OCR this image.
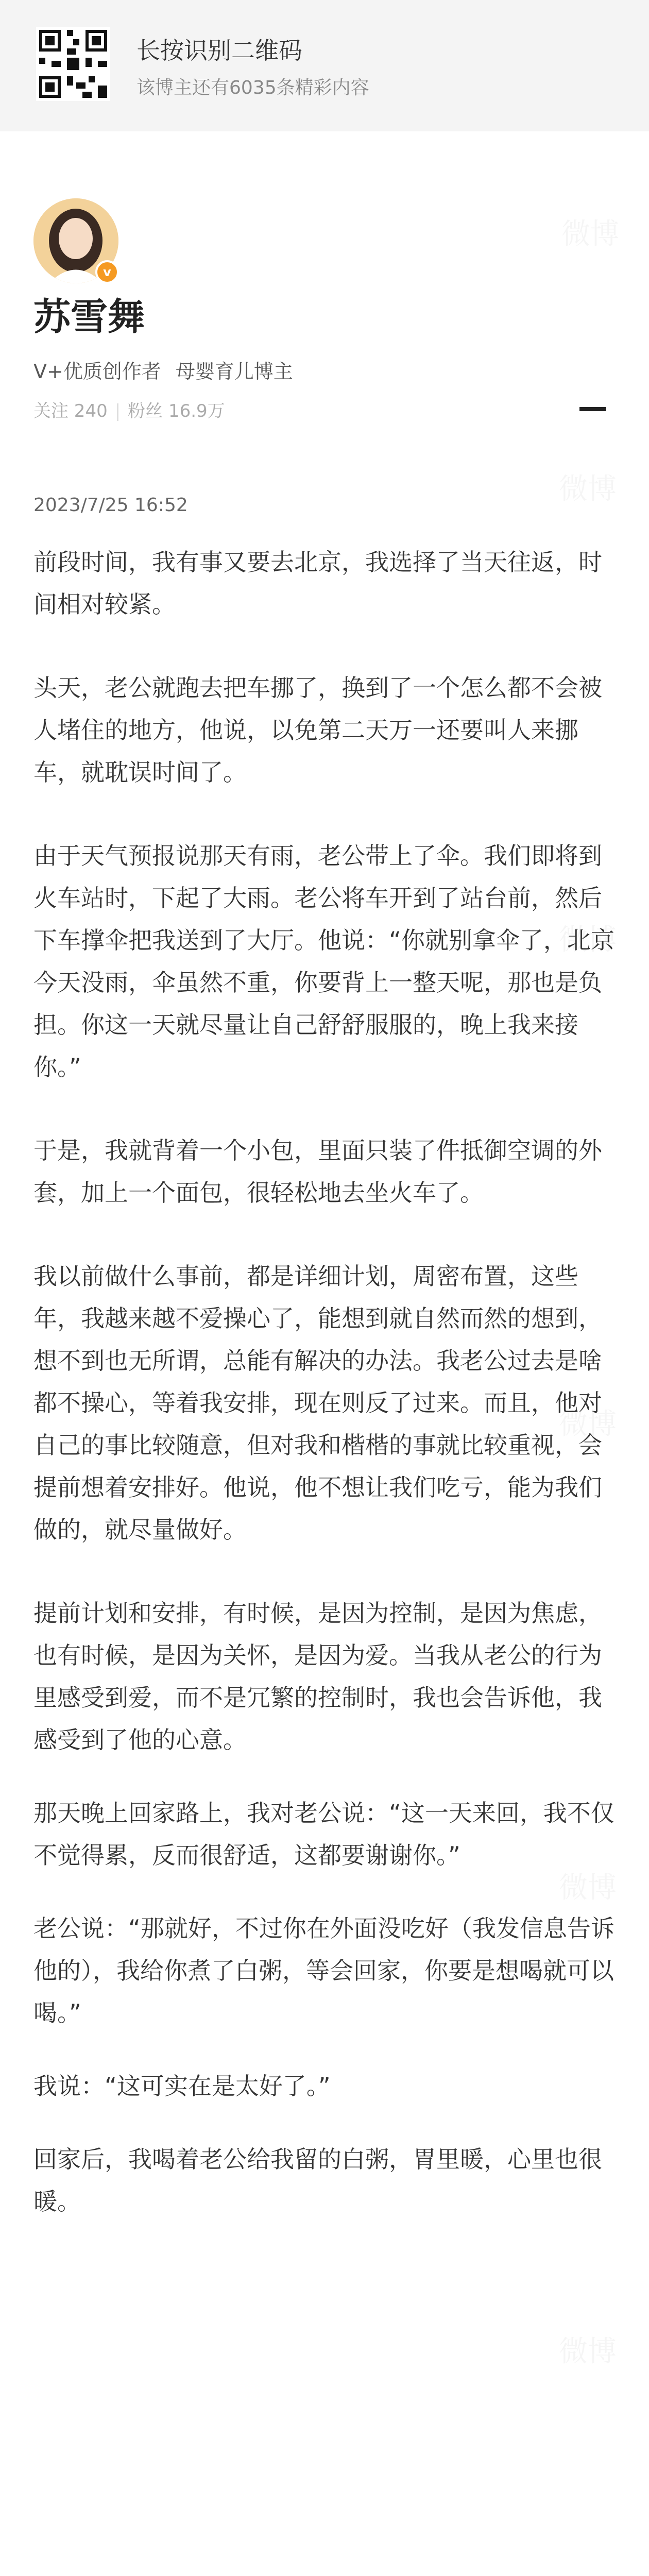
长按识别二维码
该博主还有6035条精彩内容
v
苏雪舞
V+优质创作者 母婴育儿博主
关注 240 | 粉丝 16.9万
2023/7/25 16:52

前段时间，我有事又要去北京，我选择了当天往返，时间相对较紧。

头天，老公就跑去把车挪了，换到了一个怎么都不会被人堵住的地方，他说，以免第二天万一还要叫人来挪车，就耽误时间了。

由于天气预报说那天有雨，老公带上了伞。我们即将到火车站时，下起了大雨。老公将车开到了站台前，然后下车撑伞把我送到了大厅。他说：“你就别拿伞了，北京今天没雨，伞虽然不重，你要背上一整天呢，那也是负担。你这一天就尽量让自己舒舒服服的，晚上我来接你。”

于是，我就背着一个小包，里面只装了件抵御空调的外套，加上一个面包，很轻松地去坐火车了。

我以前做什么事前，都是详细计划，周密布置，这些年，我越来越不爱操心了，能想到就自然而然的想到，想不到也无所谓，总能有解决的办法。我老公过去是啥都不操心，等着我安排，现在则反了过来。而且，他对自己的事比较随意，但对我和楷楷的事就比较重视，会提前想着安排好。他说，他不想让我们吃亏，能为我们做的，就尽量做好。

提前计划和安排，有时候，是因为控制，是因为焦虑，也有时候，是因为关怀，是因为爱。当我从老公的行为里感受到爱，而不是冗繁的控制时，我也会告诉他，我感受到了他的心意。

那天晚上回家路上，我对老公说：“这一天来回，我不仅不觉得累，反而很舒适，这都要谢谢你。”

老公说：“那就好，不过你在外面没吃好（我发信息告诉他的），我给你煮了白粥，等会回家，你要是想喝就可以喝。”

我说：“这可实在是太好了。”

回家后，我喝着老公给我留的白粥，胃里暖，心里也很暖。
